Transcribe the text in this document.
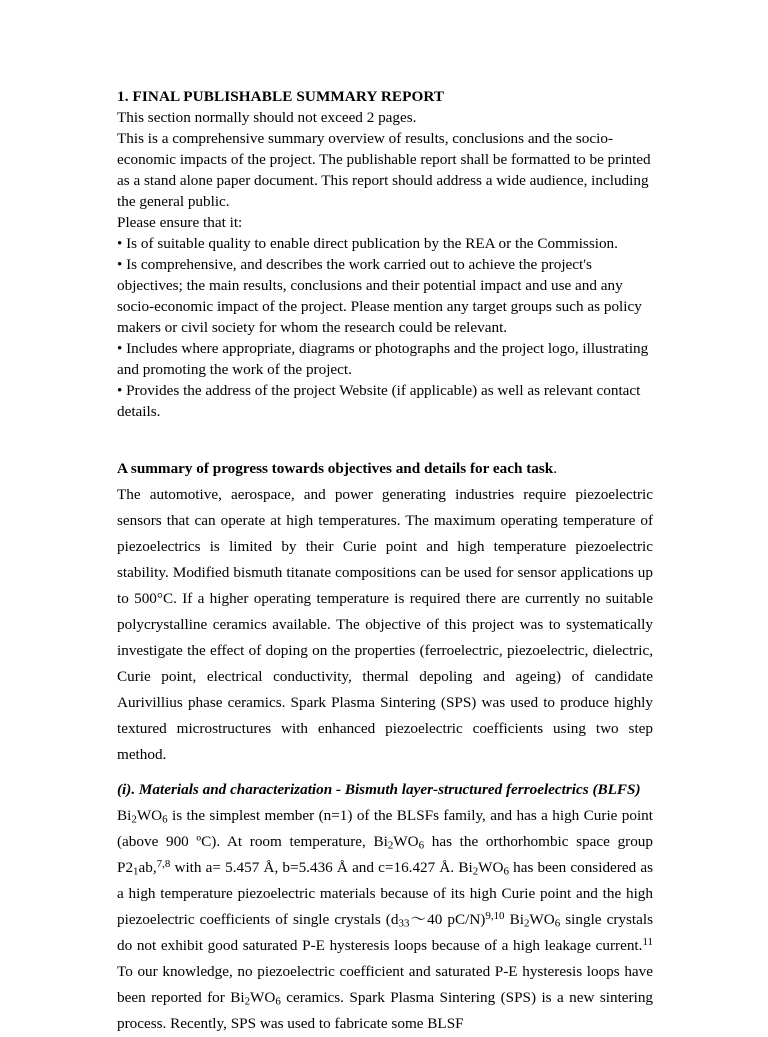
1. FINAL PUBLISHABLE SUMMARY REPORT

This section normally should not exceed 2 pages.

This is a comprehensive summary overview of results, conclusions and the socio-economic impacts of the project. The publishable report shall be formatted to be printed as a stand alone paper document. This report should address a wide audience, including the general public.

Please ensure that it:

• Is of suitable quality to enable direct publication by the REA or the Commission.

• Is comprehensive, and describes the work carried out to achieve the project's objectives; the main results, conclusions and their potential impact and use and any socio-economic impact of the project. Please mention any target groups such as policy makers or civil society for whom the research could be relevant.

• Includes where appropriate, diagrams or photographs and the project logo, illustrating and promoting the work of the project.

• Provides the address of the project Website (if applicable) as well as relevant contact details.

A summary of progress towards objectives and details for each task.

The automotive, aerospace, and power generating industries require piezoelectric sensors that can operate at high temperatures. The maximum operating temperature of piezoelectrics is limited by their Curie point and high temperature piezoelectric stability. Modified bismuth titanate compositions can be used for sensor applications up to 500°C. If a higher operating temperature is required there are currently no suitable polycrystalline ceramics available. The objective of this project was to systematically investigate the effect of doping on the properties (ferroelectric, piezoelectric, dielectric, Curie point, electrical conductivity, thermal depoling and ageing) of candidate Aurivillius phase ceramics. Spark Plasma Sintering (SPS) was used to produce highly textured microstructures with enhanced piezoelectric coefficients using two step method.

(i). Materials and characterization - Bismuth layer-structured ferroelectrics (BLFS)

$Bi_2WO_6$ is the simplest member (n=1) of the BLSFs family, and has a high Curie point (above 900 ºC). At room temperature, $Bi_2WO_6$ has the orthorhombic space group $P2_1ab,^{7,8}$ with a= 5.457 Å, b=5.436 Å and c=16.427 Å. $Bi_2WO_6$ has been considered as a high temperature piezoelectric materials because of its high Curie point and the high piezoelectric coefficients of single crystals ($d_{33}\sim 40$ pC/N)$^{9,10}$ $Bi_2WO_6$ single crystals do not exhibit good saturated P-E hysteresis loops because of a high leakage current.$^{11}$ To our knowledge, no piezoelectric coefficient and saturated P-E hysteresis loops have been reported for $Bi_2WO_6$ ceramics. Spark Plasma Sintering (SPS) is a new sintering process. Recently, SPS was used to fabricate some BLSF
